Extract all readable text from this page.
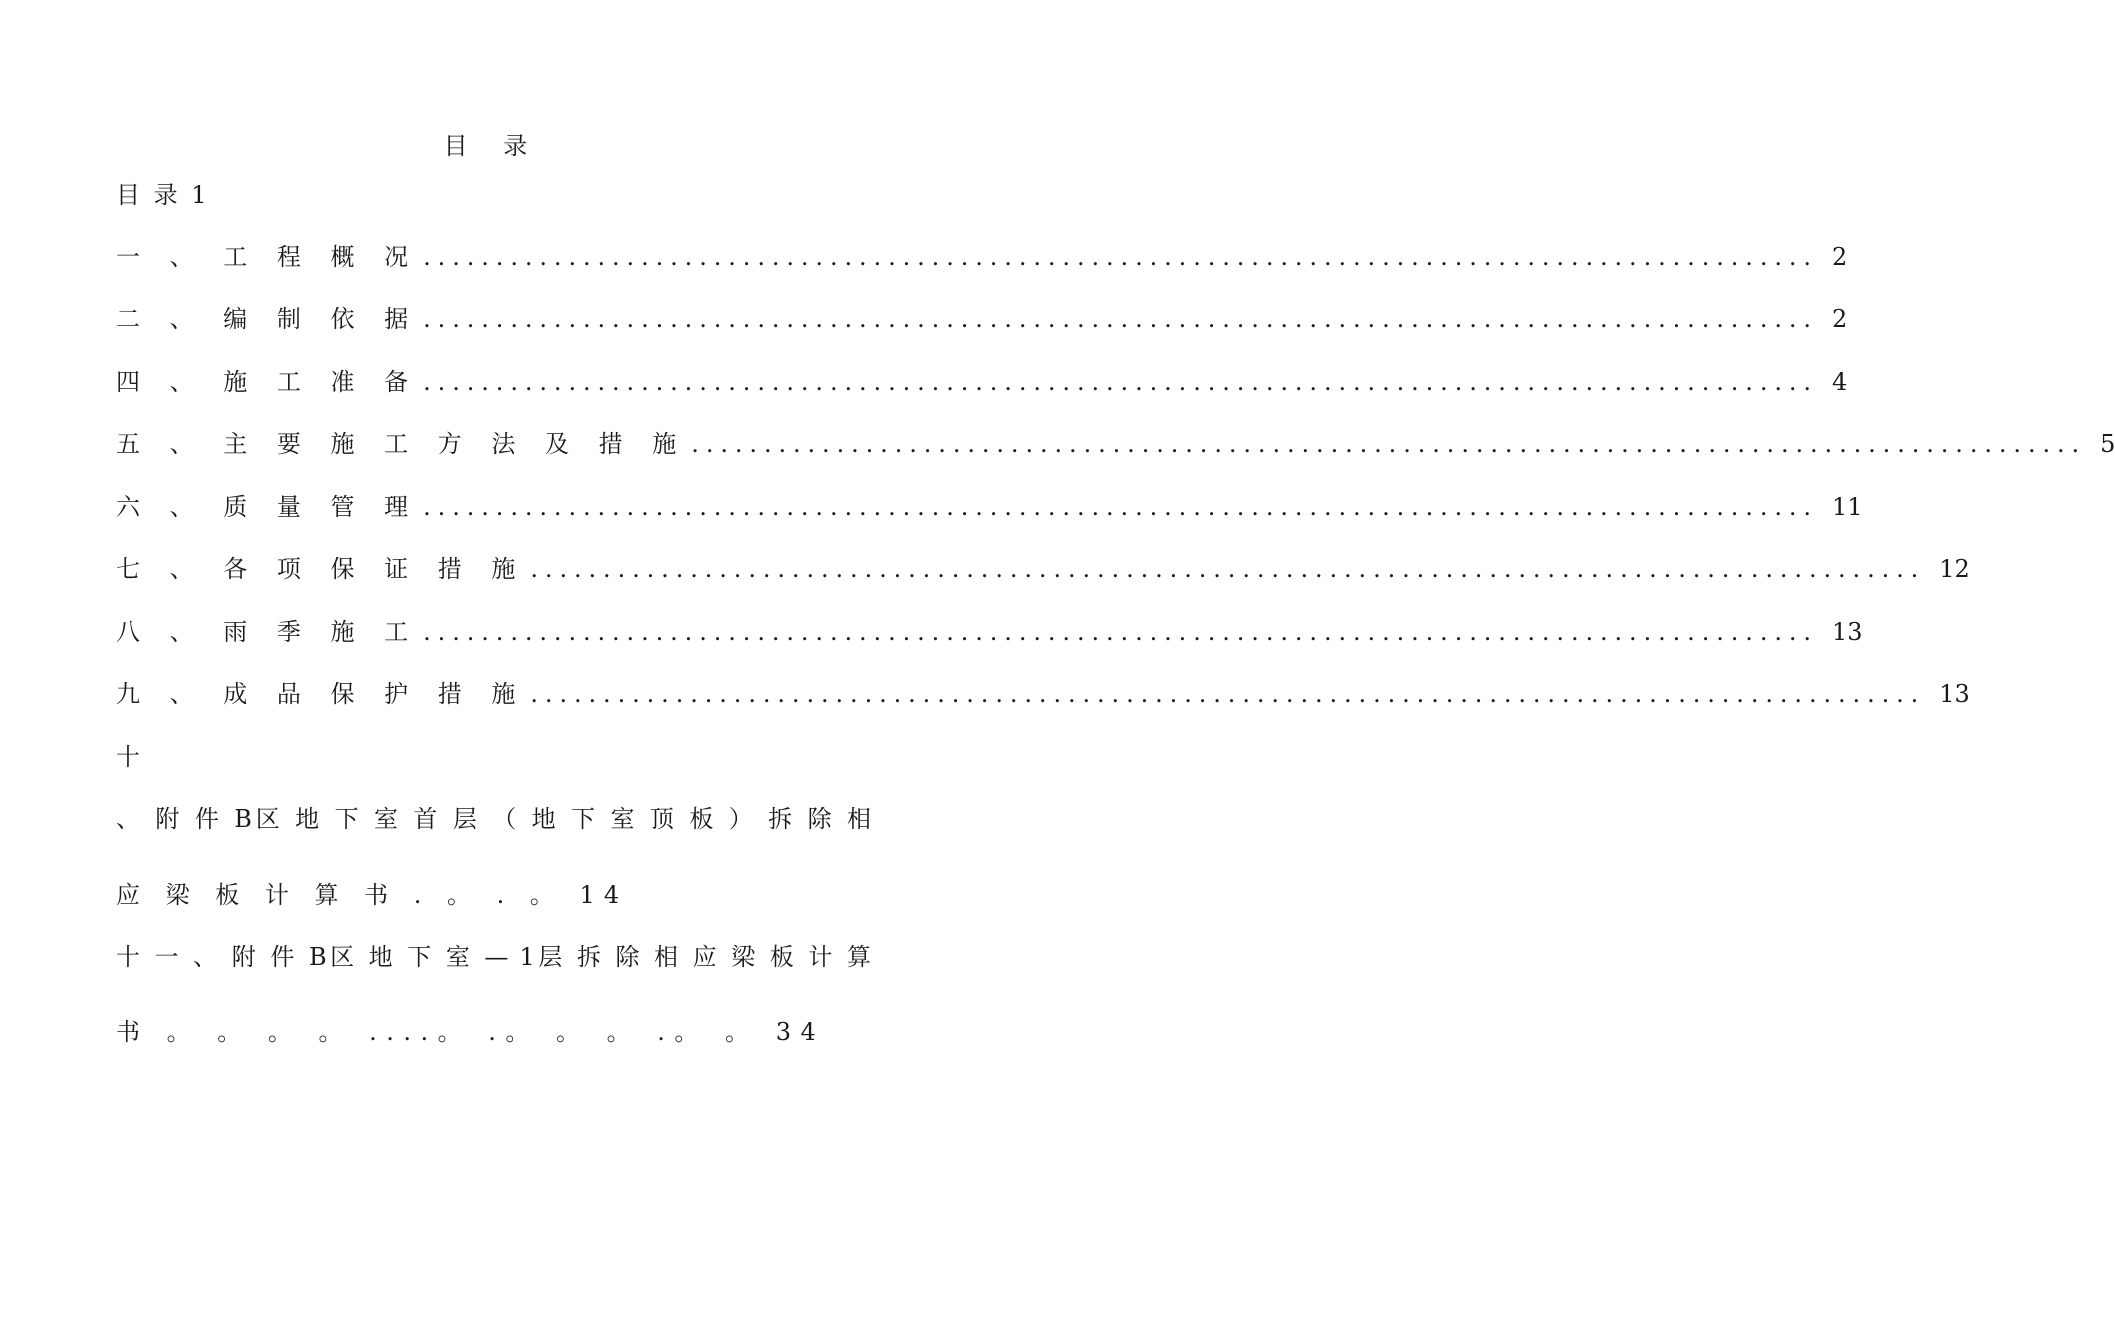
目 录
目 录 1
一 、 工 程 概 况 ................................................................................................ 2
二 、 编 制 依 据 ................................................................................................ 2
四 、 施 工 准 备 ................................................................................................ 4
五 、 主 要 施 工 方 法 及 措 施 ................................................................................................ 5
六 、 质 量 管 理 ................................................................................................ 11
七 、 各 项 保 证 措 施 ................................................................................................ 12
八 、 雨 季 施 工 ................................................................................................ 13
九 、 成 品 保 护 措 施 ................................................................................................ 13
十
、 附 件 B区 地 下 室 首 层 （ 地 下 室 顶 板 ） 拆 除 相
应 梁 板 计 算 书 . 。 . 。 14
十 一 、 附 件 B区 地 下 室 — 1层 拆 除 相 应 梁 板 计 算
书 。 。 。 。 ....。 .。 。 。 .。 。 34
